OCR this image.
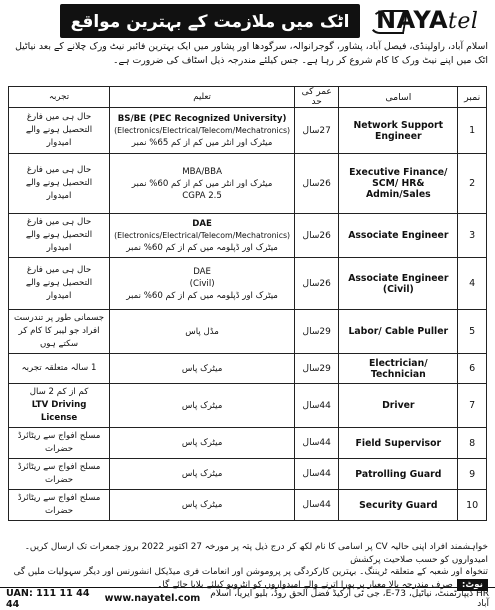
NAYAtel
اٹک میں ملازمت کے بہترین مواقع
اسلام آباد، راولپنڈی، فیصل آباد، پشاور، گوجرانوالہ، سرگودھا اور پشاور میں ایک بہترین فائبر نیٹ ورک چلانے کے بعد نیاٹیل اٹک میں اپنے نیٹ ورک کا کام شروع کر رہا ہے۔ جس کیلئے مندرجہ ذیل اسٹاف کی ضرورت ہے۔
تجربہ	تعلیم	عمر کی حد	اسامی	نمبر
حال ہی میں فارغ التحصیل ہونے والے امیدوار	BS/BE (PEC Recognized University)
(Electronics/Electrical/Telecom/Mechatronics)
میٹرک اور انٹر میں کم از کم 65% نمبر	27سال	Network Support Engineer	1
حال ہی میں فارغ التحصیل ہونے والے امیدوار	MBA/BBA
میٹرک اور انٹر میں کم از کم 60% نمبر
CGPA 2.5	26سال	Executive Finance/ SCM/ HR& Admin/Sales	2
حال ہی میں فارغ التحصیل ہونے والے امیدوار	DAE
(Electronics/Electrical/Telecom/Mechatronics)
میٹرک اور ڈپلومہ میں کم از کم 60% نمبر	26سال	Associate Engineer	3
حال ہی میں فارغ التحصیل ہونے والے امیدوار	DAE
(Civil)
میٹرک اور ڈپلومہ میں کم از کم 60% نمبر	26سال	Associate Engineer (Civil)	4
جسمانی طور پر تندرست افراد جو لیبر کا کام کر سکتے ہوں	مڈل پاس	29سال	Labor/ Cable Puller	5
1 سالہ متعلقہ تجربہ	میٹرک پاس	29سال	Electrician/ Technician	6

کم از کم 2 سال
LTV Driving License	میٹرک پاس	44سال	Driver	7
مسلح افواج سے ریٹائرڈ حضرات	میٹرک پاس	44سال	Field Supervisor	8
مسلح افواج سے ریٹائرڈ حضرات	میٹرک پاس	44سال	Patrolling Guard	9
مسلح افواج سے ریٹائرڈ حضرات	میٹرک پاس	44سال	Security Guard	10
خواہشمند افراد اپنی حالیہ CV پر اسامی کا نام لکھ کر درج ذیل پتہ پر مورخہ 27 اکتوبر 2022 بروز جمعرات تک ارسال کریں۔ امیدواروں کو حسب صلاحیت پرکشش
تنخواہ اور شعبہ کے متعلقہ ٹریننگ۔ بہترین کارکردگی پر پروموشن اور انعامات فری میڈیکل انشورنس اور دیگر سہولیات ملیں گی
نوٹ:صرف مندرجہ بالا معیار پر پورا اترنے والے امیدواروں کو انٹرویو کیلئے بلایا جائے گا۔
UAN: 111 11 44 44	www.nayatel.com	HR ڈیپارٹمنٹ، نیاٹیل، 73-E، جی ٹی ارکیڈ فضل الحق روڈ، بلیو ایریا، اسلام آباد
